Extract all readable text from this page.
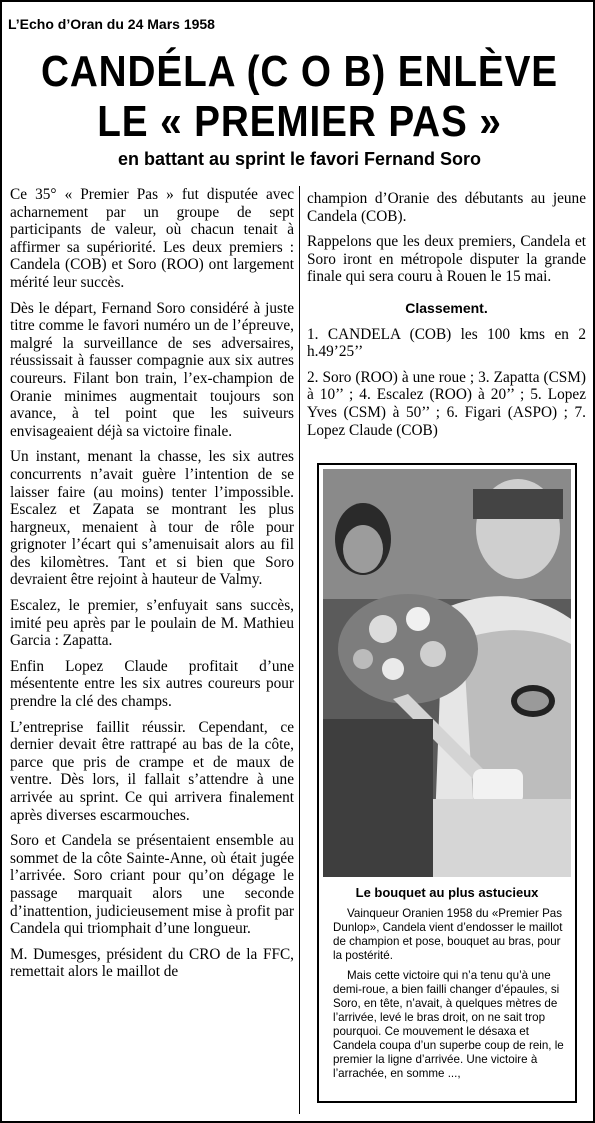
L’Echo d’Oran du 24 Mars 1958
CANDÉLA (C O B) ENLÈVE
LE « PREMIER PAS »
en battant au sprint le favori Fernand Soro

Ce 35° « Premier Pas » fut disputée avec acharnement par un groupe de sept participants de valeur, où chacun tenait à affirmer sa supériorité. Les deux premiers : Candela (COB) et Soro (ROO) ont largement mérité leur succès.

Dès le départ, Fernand Soro considéré à juste titre comme le favori numéro un de l’épreuve, malgré la surveillance de ses adversaires, réussissait à fausser compagnie aux six autres coureurs. Filant bon train, l’ex-champion de Oranie minimes augmentait toujours son avance, à tel point que les suiveurs envisageaient déjà sa victoire finale.

Un instant, menant la chasse, les six autres concurrents n’avait guère l’intention de se laisser faire (au moins) tenter l’impossible. Escalez et Zapata se montrant les plus hargneux, menaient à tour de rôle pour grignoter l’écart qui s’amenuisait alors au fil des kilomètres. Tant et si bien que Soro devraient être rejoint à hauteur de Valmy.

Escalez, le premier, s’enfuyait sans succès, imité peu après par le poulain de M. Mathieu Garcia : Zapatta.

Enfin Lopez Claude profitait d’une mésentente entre les six autres coureurs pour prendre la clé des champs.

L’entreprise faillit réussir. Cependant, ce dernier devait être rattrapé au bas de la côte, parce que pris de crampe et de maux de ventre. Dès lors, il fallait s’attendre à une arrivée au sprint. Ce qui arrivera finalement après diverses escarmouches.

Soro et Candela se présentaient ensemble au sommet de la côte Sainte-Anne, où était jugée l’arrivée. Soro criant pour qu’on dégage le passage marquait alors une seconde d’inattention, judicieusement mise à profit par Candela qui triomphait d’une longueur.

M. Dumesges, président du CRO de la FFC, remettait alors le maillot de

champion d’Oranie des débutants au jeune Candela (COB).

Rappelons que les deux premiers, Candela et Soro iront en métropole disputer la grande finale qui sera couru à Rouen le 15 mai.

Classement.

1. CANDELA (COB) les 100 kms en 2 h.49’25’’

2. Soro (ROO) à une roue ; 3. Zapatta (CSM) à 10’’ ; 4. Escalez (ROO) à 20’’ ; 5. Lopez Yves (CSM) à 50’’ ; 6. Figari (ASPO) ; 7. Lopez Claude (COB)

Le bouquet au plus astucieux

Vainqueur Oranien 1958 du «Premier Pas Dunlop», Candela vient d’endosser le maillot de champion et pose, bouquet au bras, pour la postérité.

Mais cette victoire qui n’a tenu qu’à une demi-roue, a bien failli changer d’épaules, si Soro, en tête, n’avait, à quelques mètres de l’arrivée, levé le bras droit, on ne sait trop pourquoi. Ce mouvement le désaxa et Candela coupa d’un superbe coup de rein, le premier la ligne d’arrivée. Une victoire à l’arrachée, en somme ...,
